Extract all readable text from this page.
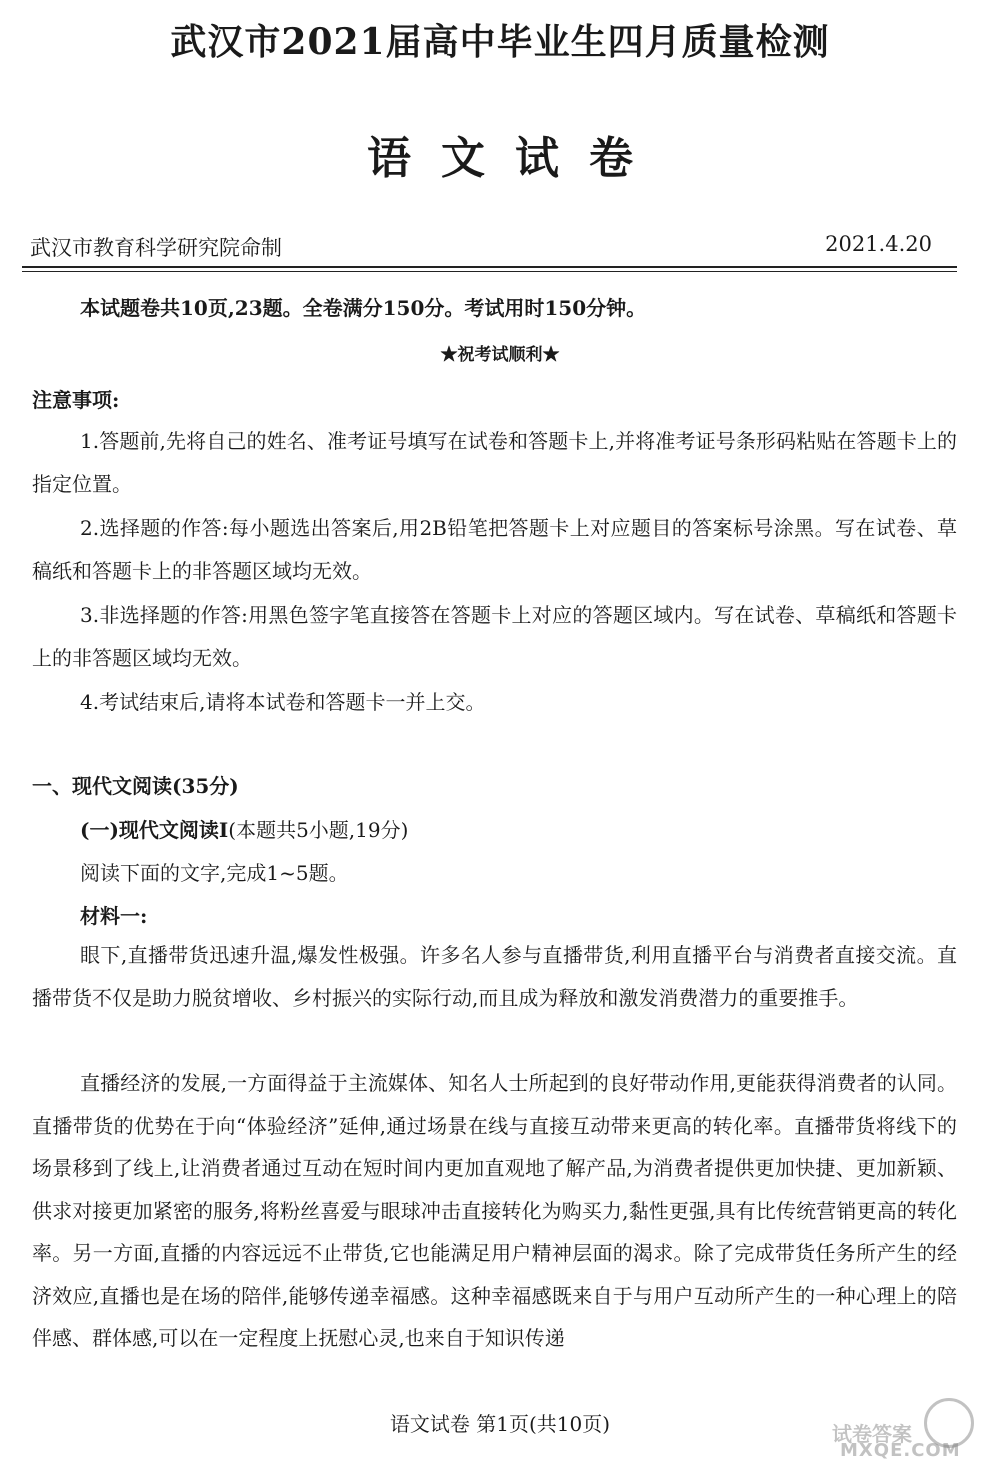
武汉市2021届高中毕业生四月质量检测
语文试卷
武汉市教育科学研究院命制	2021.4.20
本试题卷共10页,23题。全卷满分150分。考试用时150分钟。
★祝考试顺利★
注意事项:
1.答题前,先将自己的姓名、准考证号填写在试卷和答题卡上,并将准考证号条形码粘贴在答题卡上的指定位置。
2.选择题的作答:每小题选出答案后,用2B铅笔把答题卡上对应题目的答案标号涂黑。写在试卷、草稿纸和答题卡上的非答题区域均无效。
3.非选择题的作答:用黑色签字笔直接答在答题卡上对应的答题区域内。写在试卷、草稿纸和答题卡上的非答题区域均无效。
4.考试结束后,请将本试卷和答题卡一并上交。
一、现代文阅读(35分)
(一)现代文阅读Ⅰ(本题共5小题,19分)
阅读下面的文字,完成1~5题。
材料一:
眼下,直播带货迅速升温,爆发性极强。许多名人参与直播带货,利用直播平台与消费者直接交流。直播带货不仅是助力脱贫增收、乡村振兴的实际行动,而且成为释放和激发消费潜力的重要推手。
直播经济的发展,一方面得益于主流媒体、知名人士所起到的良好带动作用,更能获得消费者的认同。直播带货的优势在于向“体验经济”延伸,通过场景在线与直接互动带来更高的转化率。直播带货将线下的场景移到了线上,让消费者通过互动在短时间内更加直观地了解产品,为消费者提供更加快捷、更加新颖、供求对接更加紧密的服务,将粉丝喜爱与眼球冲击直接转化为购买力,黏性更强,具有比传统营销更高的转化率。另一方面,直播的内容远远不止带货,它也能满足用户精神层面的渴求。除了完成带货任务所产生的经济效应,直播也是在场的陪伴,能够传递幸福感。这种幸福感既来自于与用户互动所产生的一种心理上的陪伴感、群体感,可以在一定程度上抚慰心灵,也来自于知识传递
语文试卷 第1页(共10页)	试卷答案
MXQE.COM
